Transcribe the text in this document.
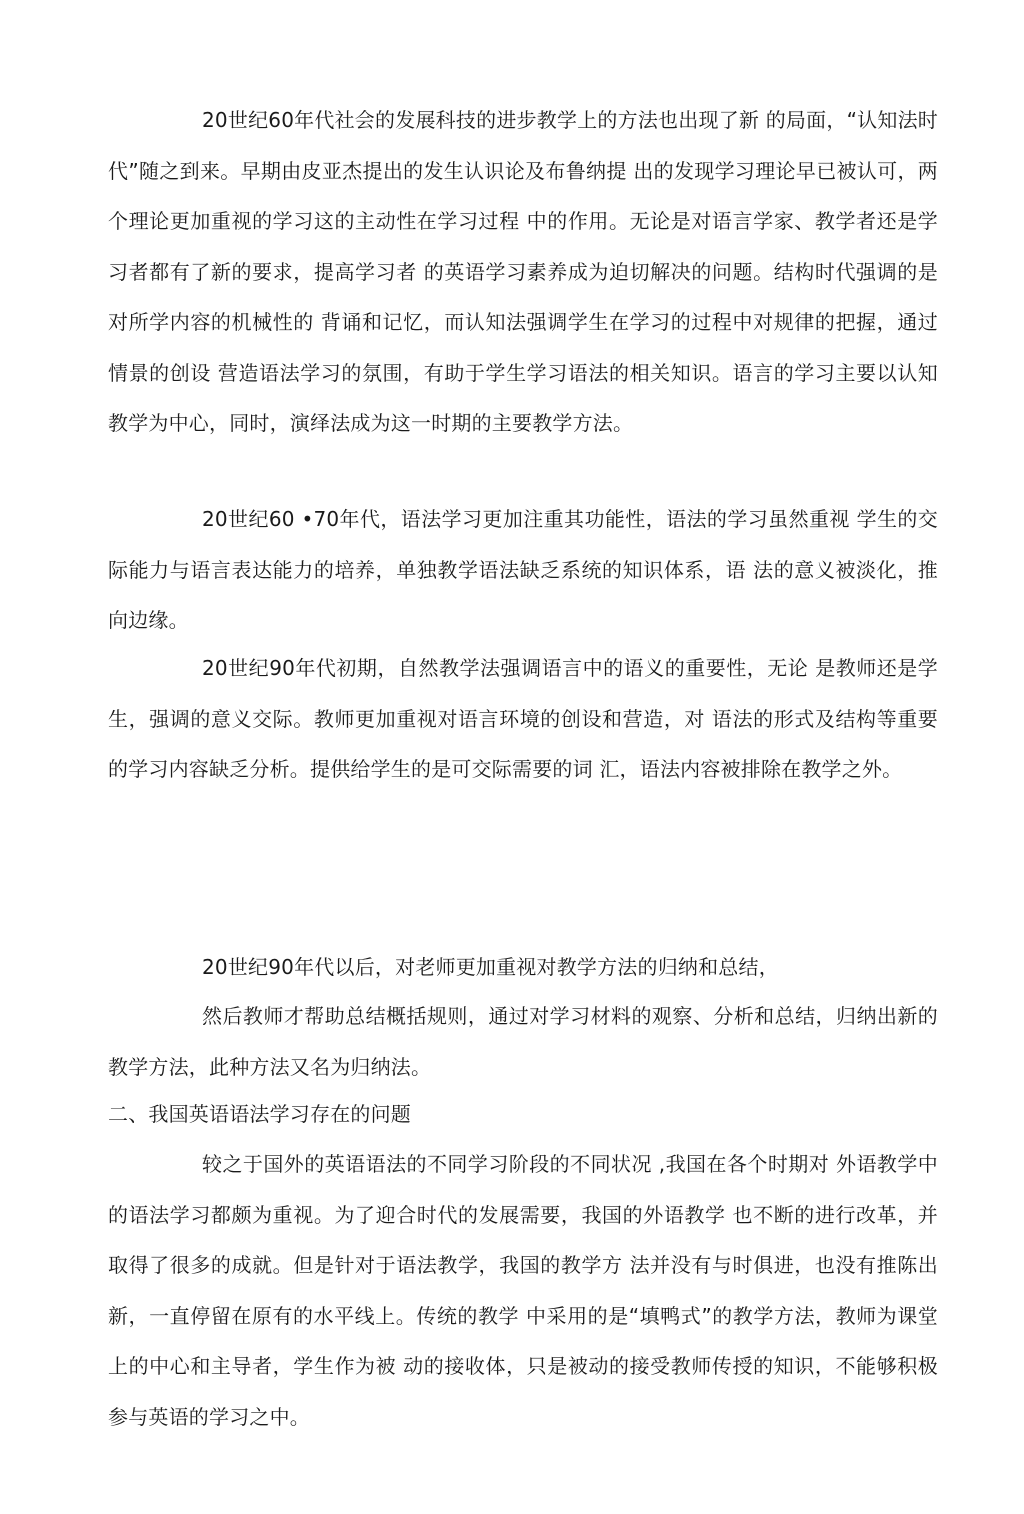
20世纪60年代社会的发展科技的进步教学上的方法也出现了新 的局面，“认知法时代”随之到来。早期由皮亚杰提出的发生认识论及布鲁纳提 出的发现学习理论早已被认可，两个理论更加重视的学习这的主动性在学习过程 中的作用。无论是对语言学家、教学者还是学习者都有了新的要求，提高学习者 的英语学习素养成为迫切解决的问题。结构时代强调的是对所学内容的机械性的 背诵和记忆，而认知法强调学生在学习的过程中对规律的把握，通过情景的创设 营造语法学习的氛围，有助于学生学习语法的相关知识。语言的学习主要以认知 教学为中心，同时，演绎法成为这一时期的主要教学方法。

20世纪60 •70年代，语法学习更加注重其功能性，语法的学习虽然重视 学生的交际能力与语言表达能力的培养，单独教学语法缺乏系统的知识体系，语 法的意义被淡化，推向边缘。

20世纪90年代初期，自然教学法强调语言中的语义的重要性，无论 是教师还是学生，强调的意义交际。教师更加重视对语言环境的创设和营造，对 语法的形式及结构等重要的学习内容缺乏分析。提供给学生的是可交际需要的词 汇，语法内容被排除在教学之外。

20世纪90年代以后，对老师更加重视对教学方法的归纳和总结，

然后教师才帮助总结概括规则，通过对学习材料的观察、分析和总结，归纳出新的教学方法，此种方法又名为归纳法。

二、我国英语语法学习存在的问题

较之于国外的英语语法的不同学习阶段的不同状况 ,我国在各个时期对 外语教学中的语法学习都颇为重视。为了迎合时代的发展需要，我国的外语教学 也不断的进行改革，并取得了很多的成就。但是针对于语法教学，我国的教学方 法并没有与时俱进，也没有推陈出新，一直停留在原有的水平线上。传统的教学 中采用的是“填鸭式”的教学方法，教师为课堂上的中心和主导者，学生作为被 动的接收体，只是被动的接受教师传授的知识，不能够积极参与英语的学习之中。
